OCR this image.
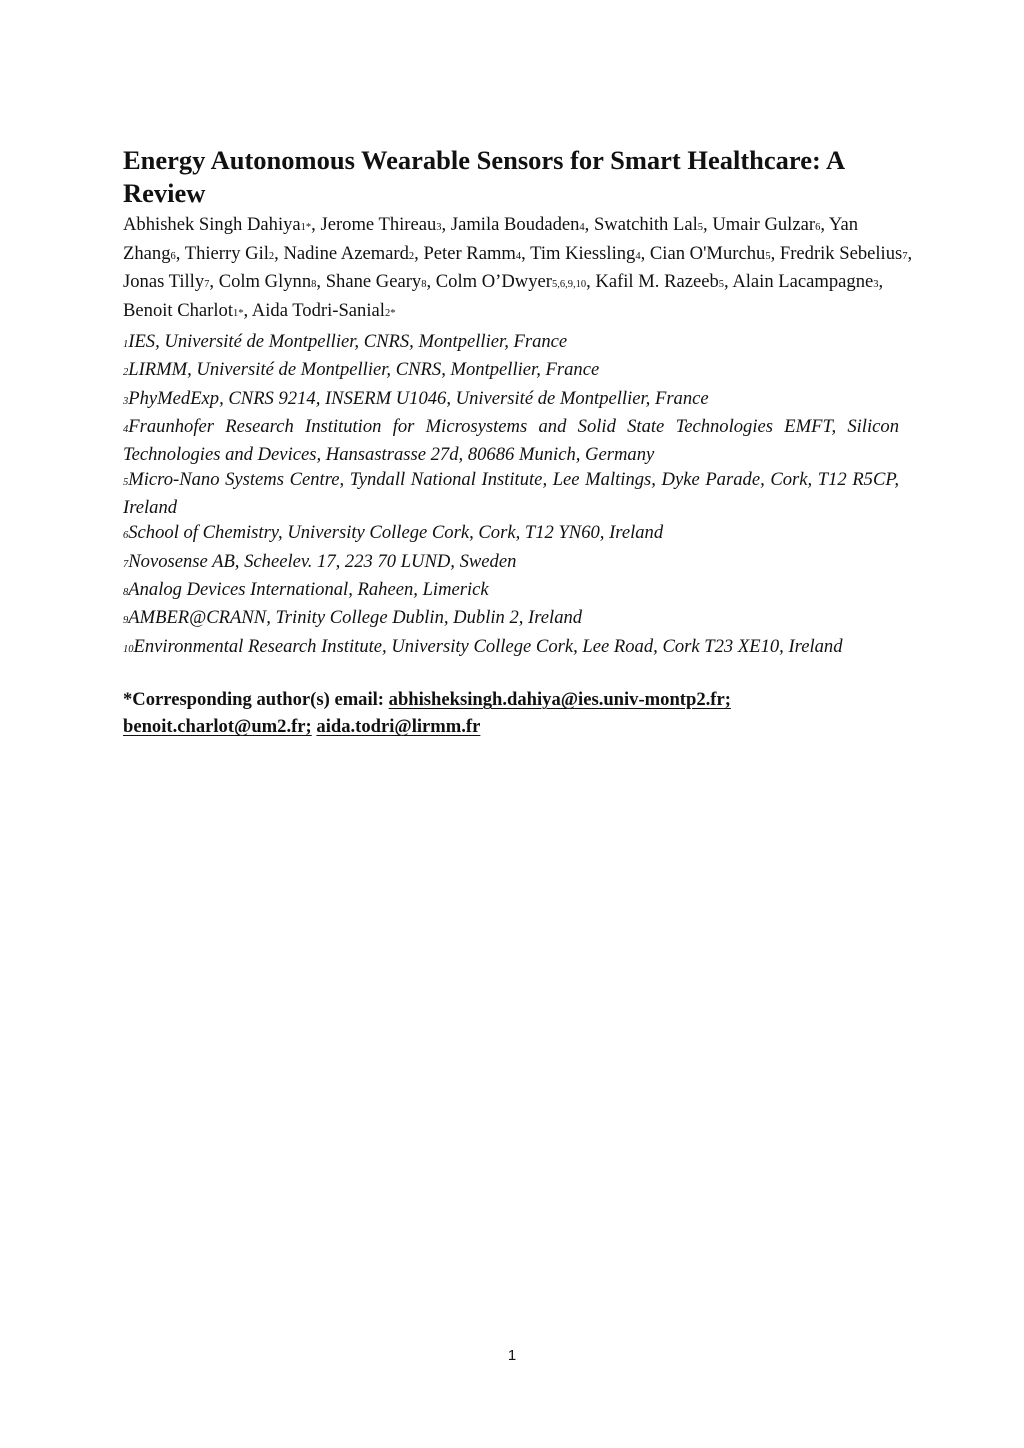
Energy Autonomous Wearable Sensors for Smart Healthcare: A Review
Abhishek Singh Dahiya1*, Jerome Thireau3, Jamila Boudaden4, Swatchith Lal5, Umair Gulzar6, Yan Zhang6, Thierry Gil2, Nadine Azemard2, Peter Ramm4, Tim Kiessling4, Cian O'Murchu5, Fredrik Sebelius7, Jonas Tilly7, Colm Glynn8, Shane Geary8, Colm O’Dwyer5,6,9,10, Kafil M. Razeeb5, Alain Lacampagne3, Benoit Charlot1*, Aida Todri-Sanial2*
1IES, Université de Montpellier, CNRS, Montpellier, France
2LIRMM, Université de Montpellier, CNRS, Montpellier, France
3PhyMedExp, CNRS 9214, INSERM U1046, Université de Montpellier, France
4Fraunhofer Research Institution for Microsystems and Solid State Technologies EMFT, Silicon Technologies and Devices, Hansastrasse 27d, 80686 Munich, Germany
5Micro-Nano Systems Centre, Tyndall National Institute, Lee Maltings, Dyke Parade, Cork, T12 R5CP, Ireland
6School of Chemistry, University College Cork, Cork, T12 YN60, Ireland
7Novosense AB, Scheelev. 17, 223 70 LUND, Sweden
8Analog Devices International, Raheen, Limerick
9AMBER@CRANN, Trinity College Dublin, Dublin 2, Ireland
10Environmental Research Institute, University College Cork, Lee Road, Cork T23 XE10, Ireland
*Corresponding author(s) email: abhisheksingh.dahiya@ies.univ-montp2.fr; benoit.charlot@um2.fr; aida.todri@lirmm.fr
1
